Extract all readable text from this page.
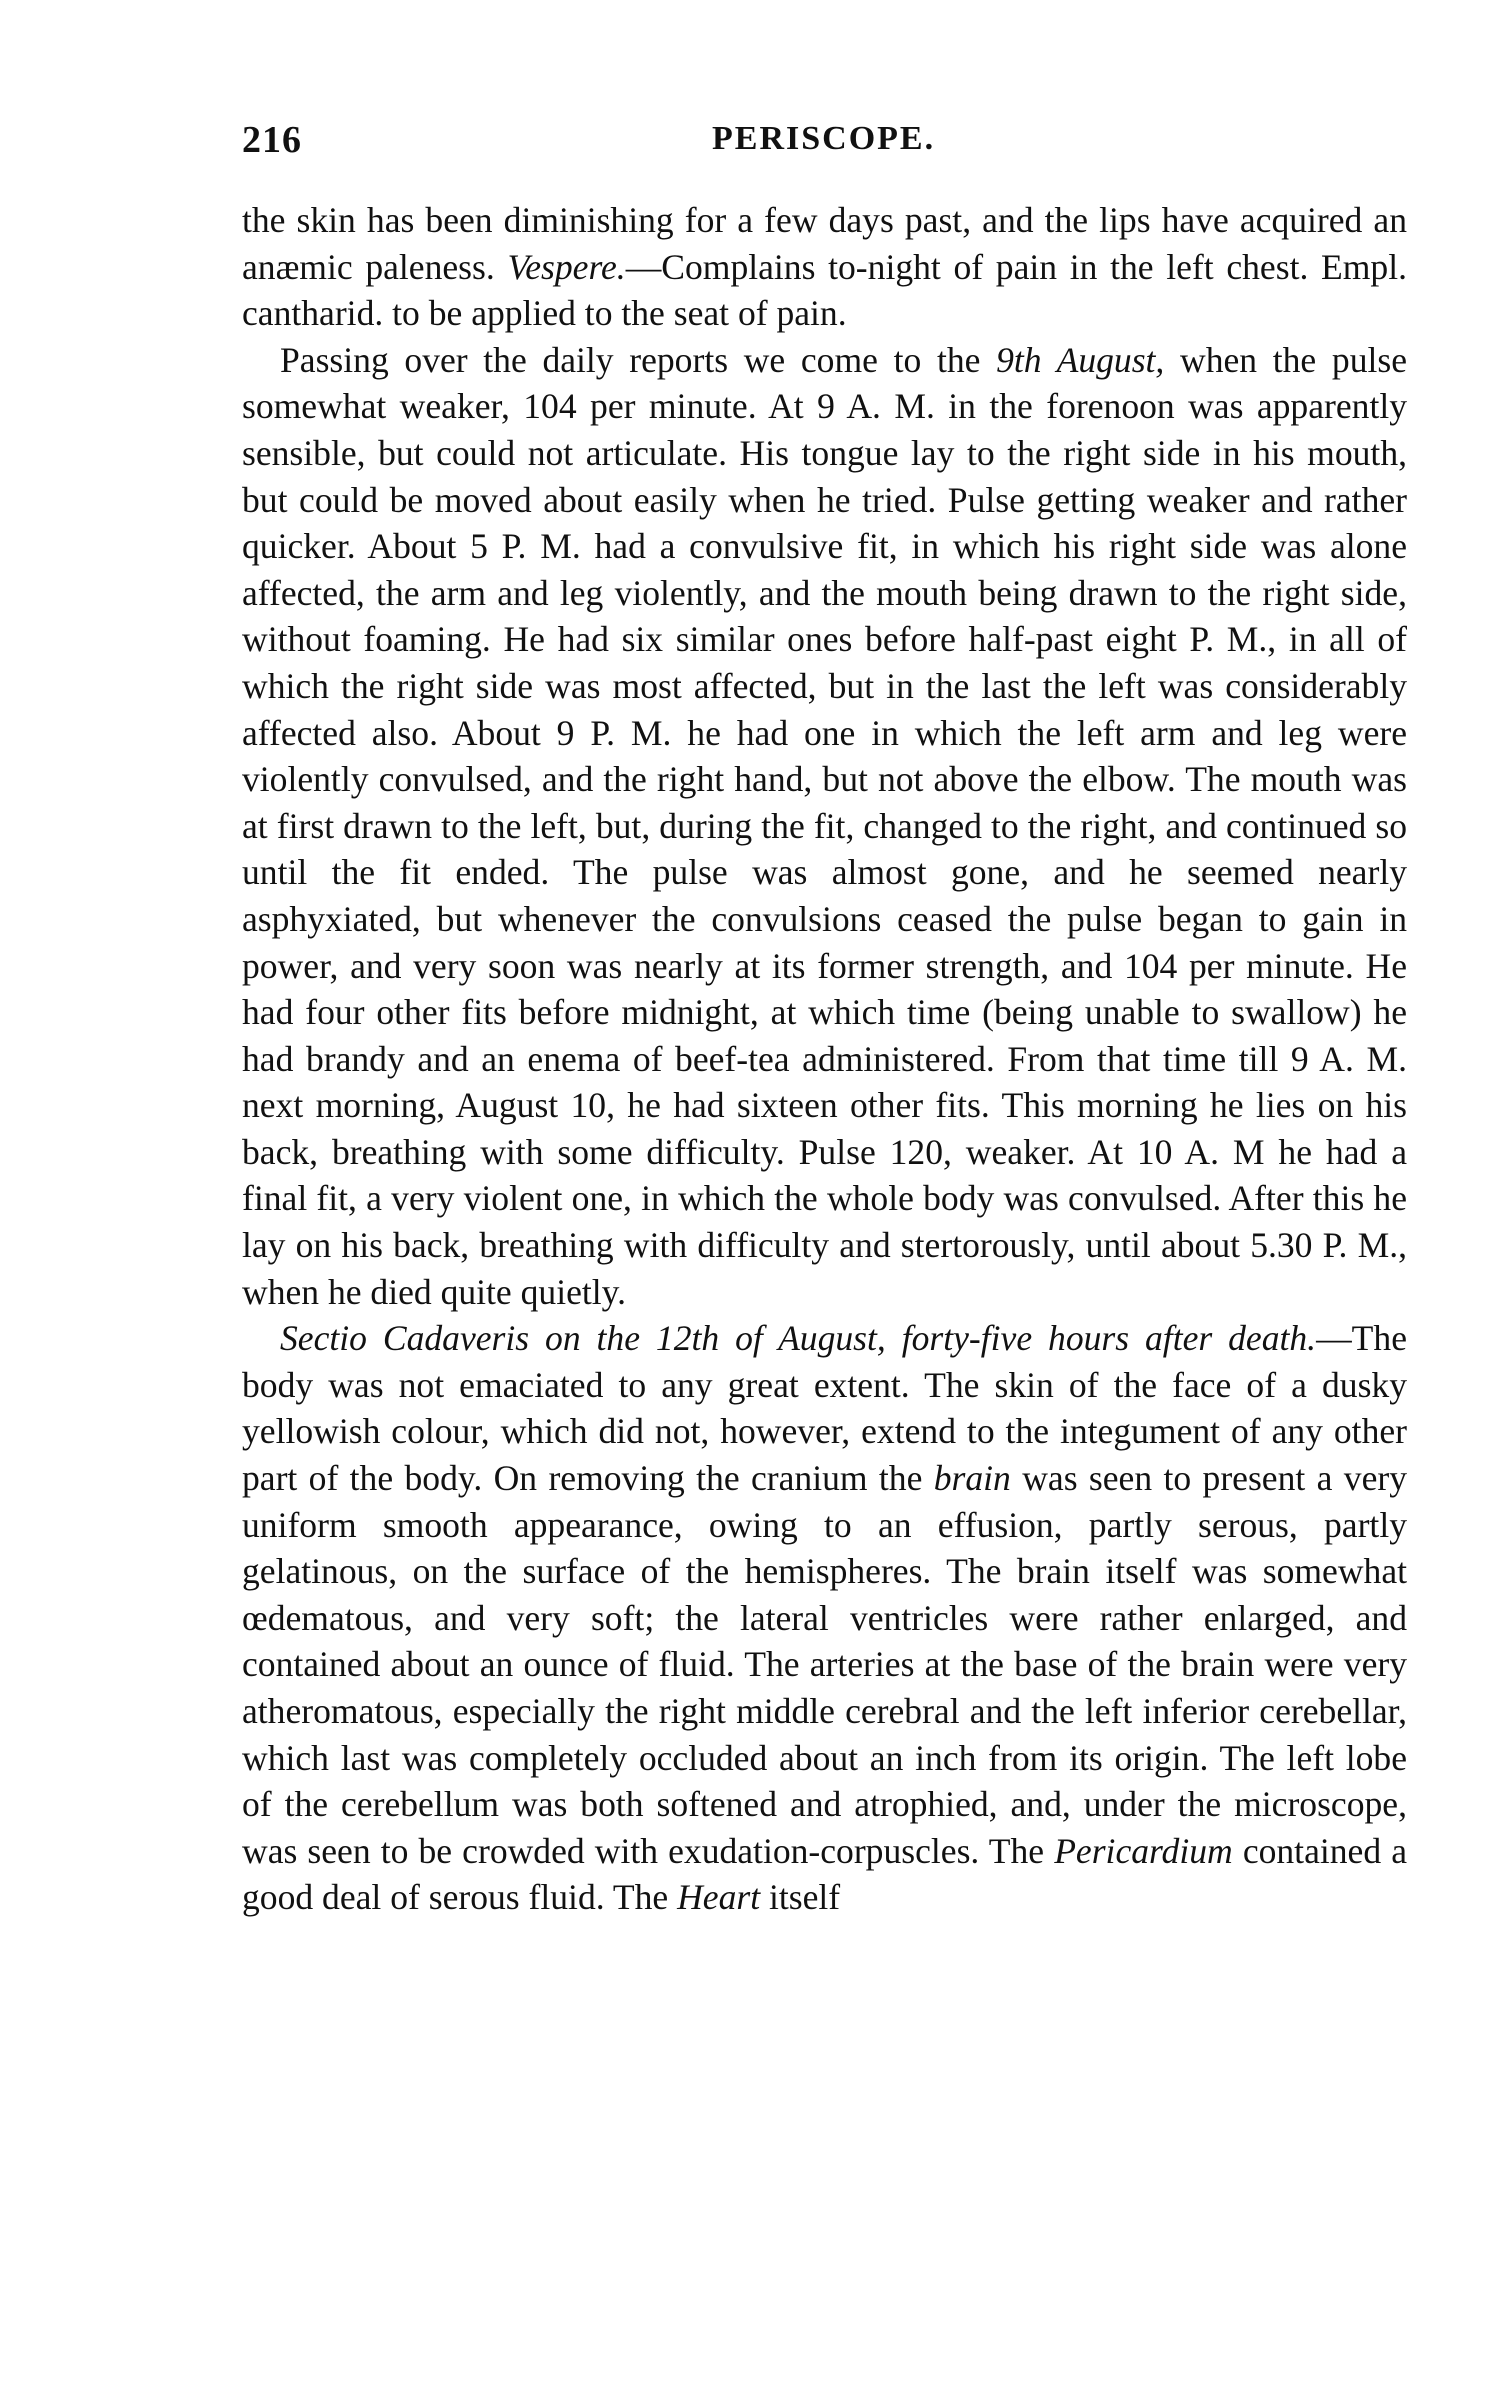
216	PERISCOPE.

the skin has been diminishing for a few days past, and the lips have acquired an anæmic paleness. Vespere.—Complains to-night of pain in the left chest. Empl. cantharid. to be applied to the seat of pain.

Passing over the daily reports we come to the 9th August, when the pulse somewhat weaker, 104 per minute. At 9 A. M. in the forenoon was apparently sensible, but could not articulate. His tongue lay to the right side in his mouth, but could be moved about easily when he tried. Pulse getting weaker and rather quicker. About 5 P. M. had a convulsive fit, in which his right side was alone affected, the arm and leg violently, and the mouth being drawn to the right side, without foaming. He had six similar ones before half-past eight P. M., in all of which the right side was most affected, but in the last the left was considerably affected also. About 9 P. M. he had one in which the left arm and leg were violently convulsed, and the right hand, but not above the elbow. The mouth was at first drawn to the left, but, during the fit, changed to the right, and continued so until the fit ended. The pulse was almost gone, and he seemed nearly asphyxiated, but whenever the convulsions ceased the pulse began to gain in power, and very soon was nearly at its former strength, and 104 per minute. He had four other fits before midnight, at which time (being unable to swallow) he had brandy and an enema of beef-tea administered. From that time till 9 A. M. next morning, August 10, he had sixteen other fits. This morning he lies on his back, breathing with some difficulty. Pulse 120, weaker. At 10 A. M he had a final fit, a very violent one, in which the whole body was convulsed. After this he lay on his back, breathing with difficulty and stertorously, until about 5.30 P. M., when he died quite quietly.

Sectio Cadaveris on the 12th of August, forty-five hours after death.—The body was not emaciated to any great extent. The skin of the face of a dusky yellowish colour, which did not, however, extend to the integument of any other part of the body. On removing the cranium the brain was seen to present a very uniform smooth appearance, owing to an effusion, partly serous, partly gelatinous, on the surface of the hemispheres. The brain itself was somewhat œdematous, and very soft; the lateral ventricles were rather enlarged, and contained about an ounce of fluid. The arteries at the base of the brain were very atheromatous, especially the right middle cerebral and the left inferior cerebellar, which last was completely occluded about an inch from its origin. The left lobe of the cerebellum was both softened and atrophied, and, under the microscope, was seen to be crowded with exudation-corpuscles. The Pericardium contained a good deal of serous fluid. The Heart itself
